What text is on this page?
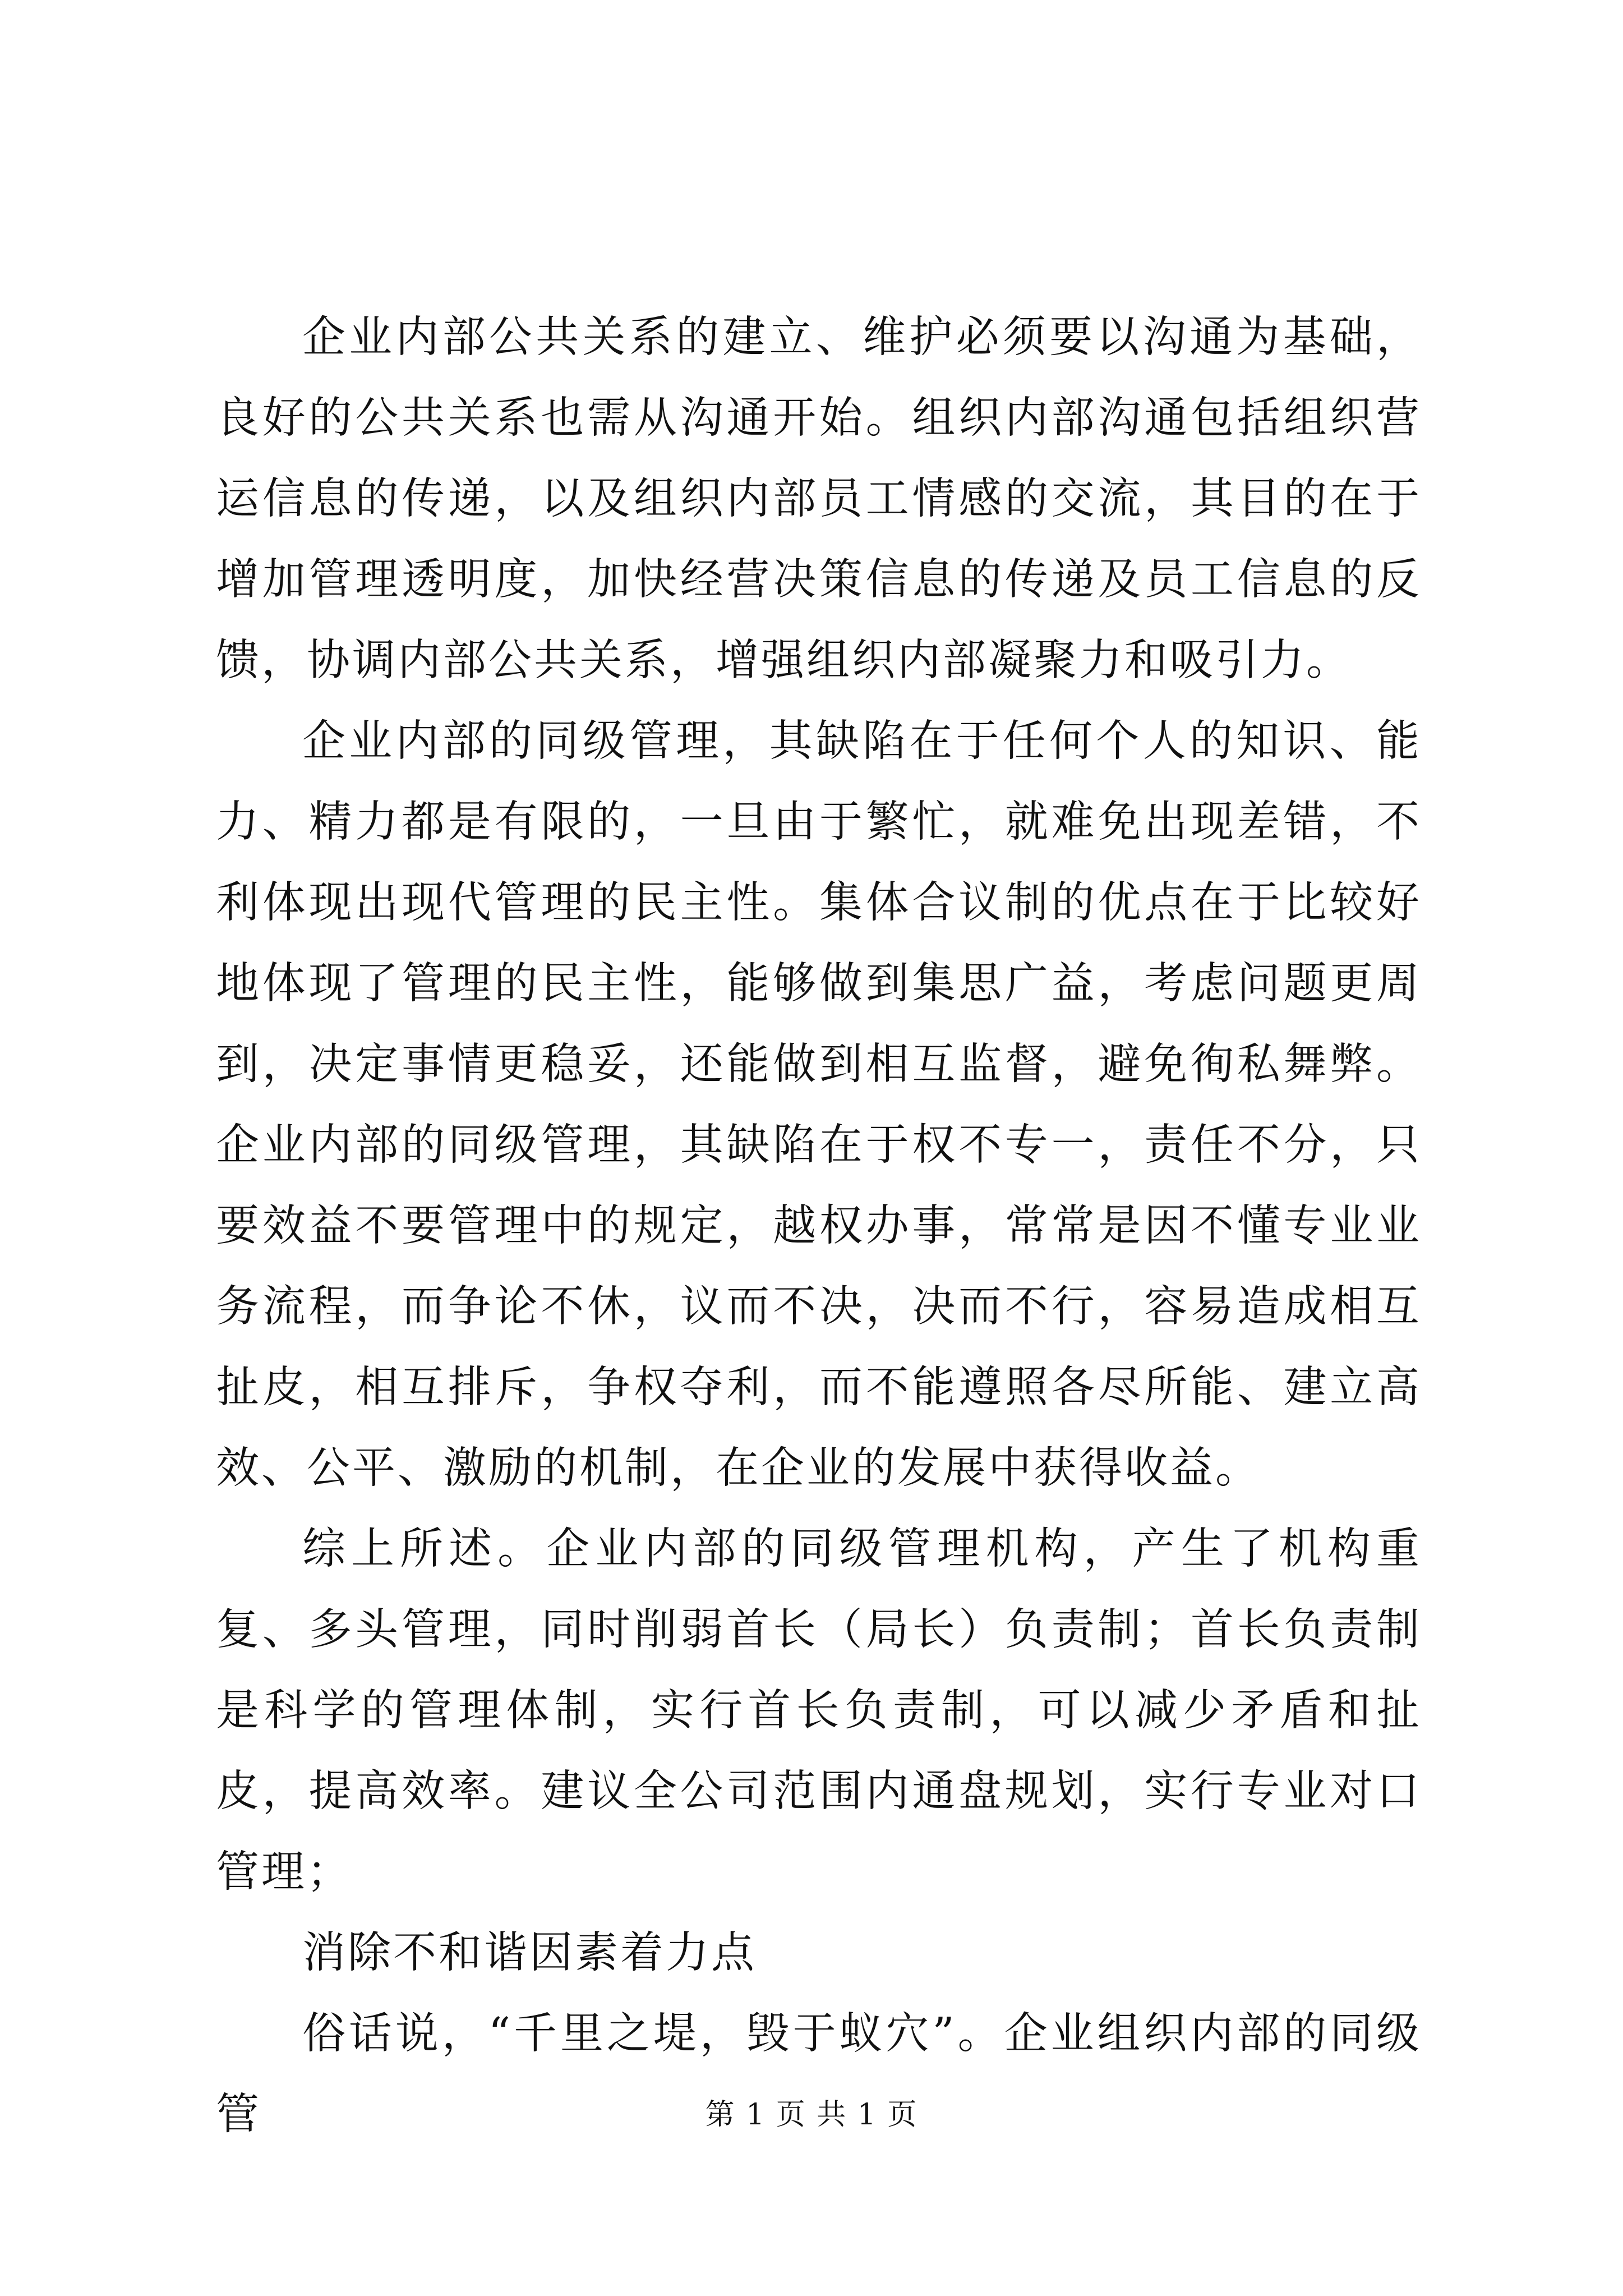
企业内部公共关系的建立、维护必须要以沟通为基础，良好的公共关系也需从沟通开始。组织内部沟通包括组织营运信息的传递，以及组织内部员工情感的交流，其目的在于增加管理透明度，加快经营决策信息的传递及员工信息的反馈，协调内部公共关系，增强组织内部凝聚力和吸引力。

企业内部的同级管理，其缺陷在于任何个人的知识、能力、精力都是有限的，一旦由于繁忙，就难免出现差错，不利体现出现代管理的民主性。集体合议制的优点在于比较好地体现了管理的民主性，能够做到集思广益，考虑问题更周到，决定事情更稳妥，还能做到相互监督，避免徇私舞弊。企业内部的同级管理，其缺陷在于权不专一，责任不分，只要效益不要管理中的规定，越权办事，常常是因不懂专业业务流程，而争论不休，议而不决，决而不行，容易造成相互扯皮，相互排斥，争权夺利，而不能遵照各尽所能、建立高效、公平、激励的机制，在企业的发展中获得收益。

综上所述。企业内部的同级管理机构，产生了机构重复、多头管理，同时削弱首长（局长）负责制；首长负责制是科学的管理体制，实行首长负责制，可以减少矛盾和扯皮，提高效率。建议全公司范围内通盘规划，实行专业对口管理；

消除不和谐因素着力点

俗话说，“千里之堤，毁于蚁穴”。企业组织内部的同级管	第 1 页 共 1 页
